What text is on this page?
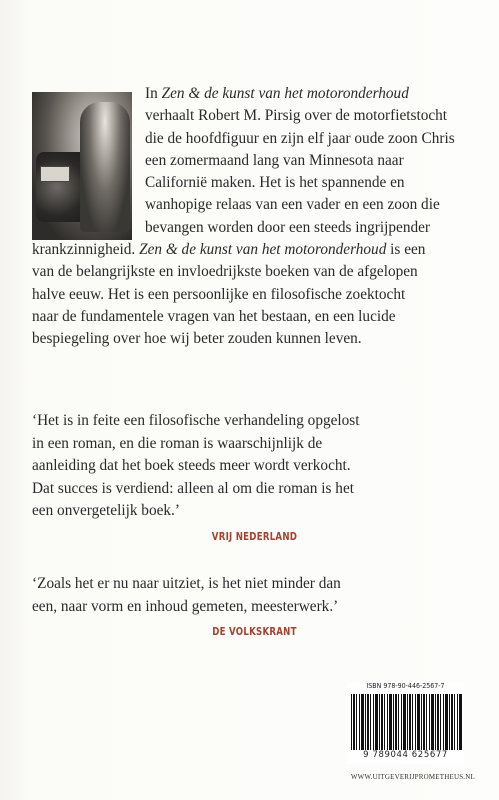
In Zen & de kunst van het motoronderhoud
verhaalt Robert M. Pirsig over de motorfietstocht
die de hoofdfiguur en zijn elf jaar oude zoon Chris
een zomermaand lang van Minnesota naar
Californië maken. Het is het spannende en
wanhopige relaas van een vader en een zoon die
bevangen worden door een steeds ingrijpender

krankzinnigheid. Zen & de kunst van het motoronderhoud is een
van de belangrijkste en invloedrijkste boeken van de afgelopen
halve eeuw. Het is een persoonlijke en filosofische zoektocht
naar de fundamentele vragen van het bestaan, en een lucide
bespiegeling over hoe wij beter zouden kunnen leven.

‘Het is in feite een filosofische verhandeling opgelost
in een roman, en die roman is waarschijnlijk de
aanleiding dat het boek steeds meer wordt verkocht.
Dat succes is verdiend: alleen al om die roman is het
een onvergetelijk boek.’
VRIJ NEDERLAND

‘Zoals het er nu naar uitziet, is het niet minder dan
een, naar vorm en inhoud gemeten, meesterwerk.’
DE VOLKSKRANT

ISBN 978-90-446-2567-7
9 789044 625677
WWW.UITGEVERIJPROMETHEUS.NL
